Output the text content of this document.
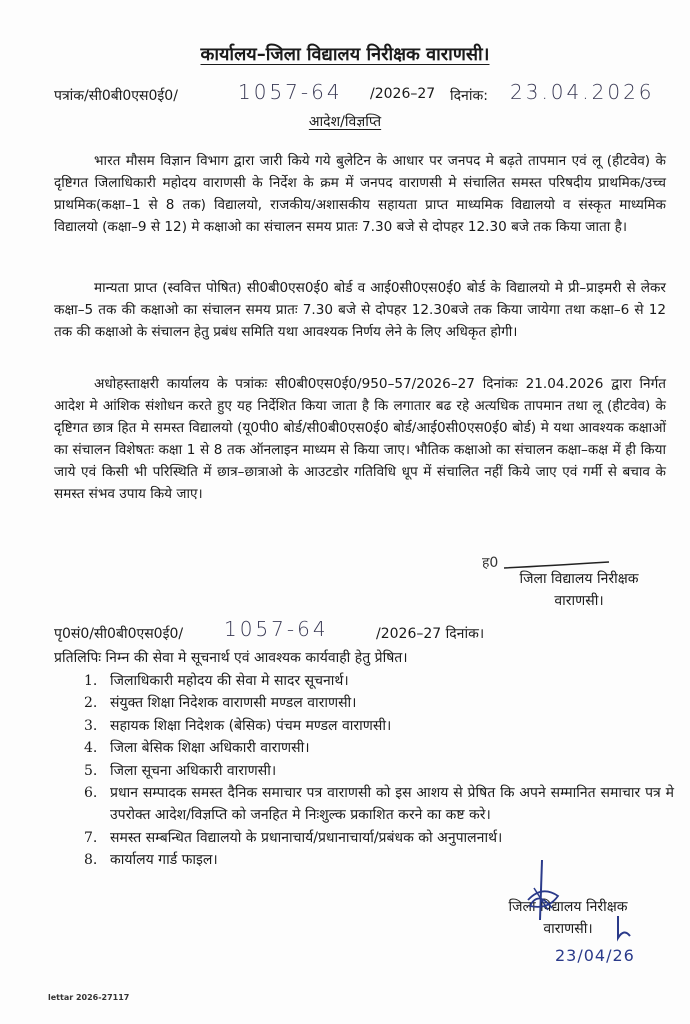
कार्यालय–जिला विद्यालय निरीक्षक वाराणसी।
पत्रांक/सी0बी0एस0ई0/	1057-64 /2026–27 दिनांक: 23.04.2026
आदेश/विज्ञप्ति
भारत मौसम विज्ञान विभाग द्वारा जारी किये गये बुलेटिन के आधार पर जनपद मे बढ़ते तापमान एवं लू (हीटवेव) के दृष्टिगत जिलाधिकारी महोदय वाराणसी के निर्देश के क्रम में जनपद वाराणसी मे संचालित समस्त परिषदीय प्राथमिक/उच्च प्राथमिक(कक्षा–1 से 8 तक) विद्यालयो, राजकीय/अशासकीय सहायता प्राप्त माध्यमिक विद्यालयो व संस्कृत माध्यमिक विद्यालयो (कक्षा–9 से 12) मे कक्षाओ का संचालन समय प्रातः 7.30 बजे से दोपहर 12.30 बजे तक किया जाता है।
मान्यता प्राप्त (स्ववित्त पोषित) सी0बी0एस0ई0 बोर्ड व आई0सी0एस0ई0 बोर्ड के विद्यालयो मे प्री–प्राइमरी से लेकर कक्षा–5 तक की कक्षाओ का संचालन समय प्रातः 7.30 बजे से दोपहर 12.30बजे तक किया जायेगा तथा कक्षा–6 से 12 तक की कक्षाओ के संचालन हेतु प्रबंध समिति यथा आवश्यक निर्णय लेने के लिए अधिकृत होगी।
अधोहस्ताक्षरी कार्यालय के पत्रांकः सी0बी0एस0ई0/950–57/2026–27 दिनांकः 21.04.2026 द्वारा निर्गत आदेश मे आंशिक संशोधन करते हुए यह निर्देशित किया जाता है कि लगातार बढ रहे अत्यधिक तापमान तथा लू (हीटवेव) के दृष्टिगत छात्र हित मे समस्त विद्यालयो (यू0पी0 बोर्ड/सी0बी0एस0ई0 बोर्ड/आई0सी0एस0ई0 बोर्ड) मे यथा आवश्यक कक्षाओं का संचालन विशेषतः कक्षा 1 से 8 तक ऑनलाइन माध्यम से किया जाए। भौतिक कक्षाओ का संचालन कक्षा–कक्ष में ही किया जाये एवं किसी भी परिस्थिति में छात्र–छात्राओ के आउटडोर गतिविधि धूप में संचालित नहीं किये जाए एवं गर्मी से बचाव के समस्त संभव उपाय किये जाए।
ह0
जिला विद्यालय निरीक्षक
वाराणसी।
पृ0सं0/सी0बी0एस0ई0/ 1057-64	/2026–27 दिनांक।
प्रतिलिपिः निम्न की सेवा मे सूचनार्थ एवं आवश्यक कार्यवाही हेतु प्रेषित।
1. जिलाधिकारी महोदय की सेवा मे सादर सूचनार्थ।
2. संयुक्त शिक्षा निदेशक वाराणसी मण्डल वाराणसी।
3. सहायक शिक्षा निदेशक (बेसिक) पंचम मण्डल वाराणसी।
4. जिला बेसिक शिक्षा अधिकारी वाराणसी।
5. जिला सूचना अधिकारी वाराणसी।
6. प्रधान सम्पादक समस्त दैनिक समाचार पत्र वाराणसी को इस आशय से प्रेषित कि अपने सम्मानित समाचार पत्र मे उपरोक्त आदेश/विज्ञप्ति को जनहित मे निःशुल्क प्रकाशित करने का कष्ट करे।
7. समस्त सम्बन्धित विद्यालयो के प्रधानाचार्य/प्रधानाचार्या/प्रबंधक को अनुपालनार्थ।
8. कार्यालय गार्ड फाइल।
जिला विद्यालय निरीक्षक
वाराणसी।
23/04/26
lettar 2026-27117
